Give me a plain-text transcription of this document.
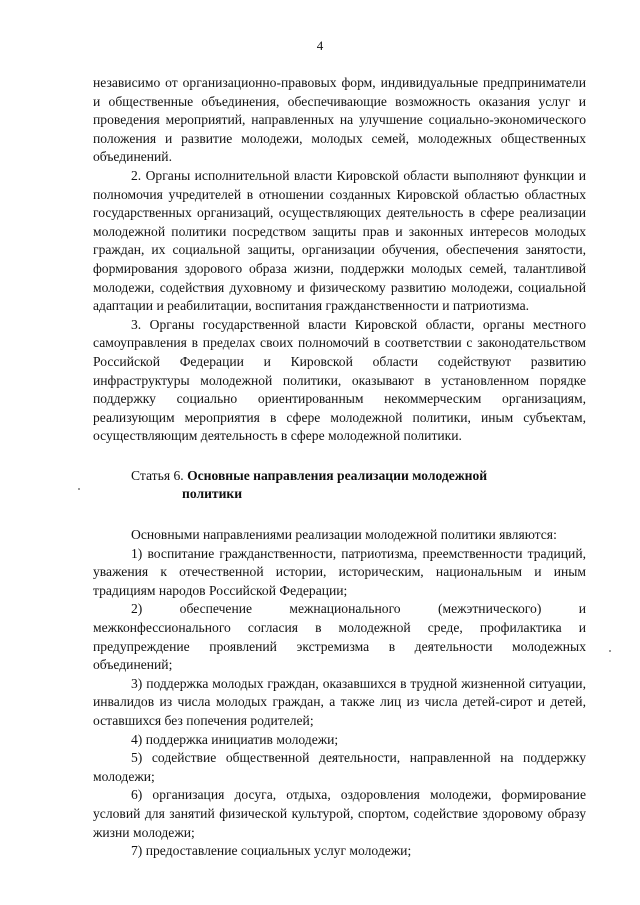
4

независимо от организационно-правовых форм, индивидуальные предприниматели и общественные объединения, обеспечивающие возможность оказания услуг и проведения мероприятий, направленных на улучшение социально-экономического положения и развитие молодежи, молодых семей, молодежных общественных объединений.

2. Органы исполнительной власти Кировской области выполняют функции и полномочия учредителей в отношении созданных Кировской областью областных государственных организаций, осуществляющих деятельность в сфере реализации молодежной политики посредством защиты прав и законных интересов молодых граждан, их социальной защиты, организации обучения, обеспечения занятости, формирования здорового образа жизни, поддержки молодых семей, талантливой молодежи, содействия духовному и физическому развитию молодежи, социальной адаптации и реабилитации, воспитания гражданственности и патриотизма.

3. Органы государственной власти Кировской области, органы местного самоуправления в пределах своих полномочий в соответствии с законодательством Российской Федерации и Кировской области содействуют развитию инфраструктуры молодежной политики, оказывают в установленном порядке поддержку социально ориентированным некоммерческим организациям, реализующим мероприятия в сфере молодежной политики, иным субъектам, осуществляющим деятельность в сфере молодежной политики.

Статья 6. Основные направления реализации молодежной
политики

Основными направлениями реализации молодежной политики являются:

1) воспитание гражданственности, патриотизма, преемственности традиций, уважения к отечественной истории, историческим, национальным и иным традициям народов Российской Федерации;

2) обеспечение межнационального (межэтнического) и межконфессионального согласия в молодежной среде, профилактика и предупреждение проявлений экстремизма в деятельности молодежных объединений;

3) поддержка молодых граждан, оказавшихся в трудной жизненной ситуации, инвалидов из числа молодых граждан, а также лиц из числа детей-сирот и детей, оставшихся без попечения родителей;

4) поддержка инициатив молодежи;

5) содействие общественной деятельности, направленной на поддержку молодежи;

6) организация досуга, отдыха, оздоровления молодежи, формирование условий для занятий физической культурой, спортом, содействие здоровому образу жизни молодежи;

7) предоставление социальных услуг молодежи;
